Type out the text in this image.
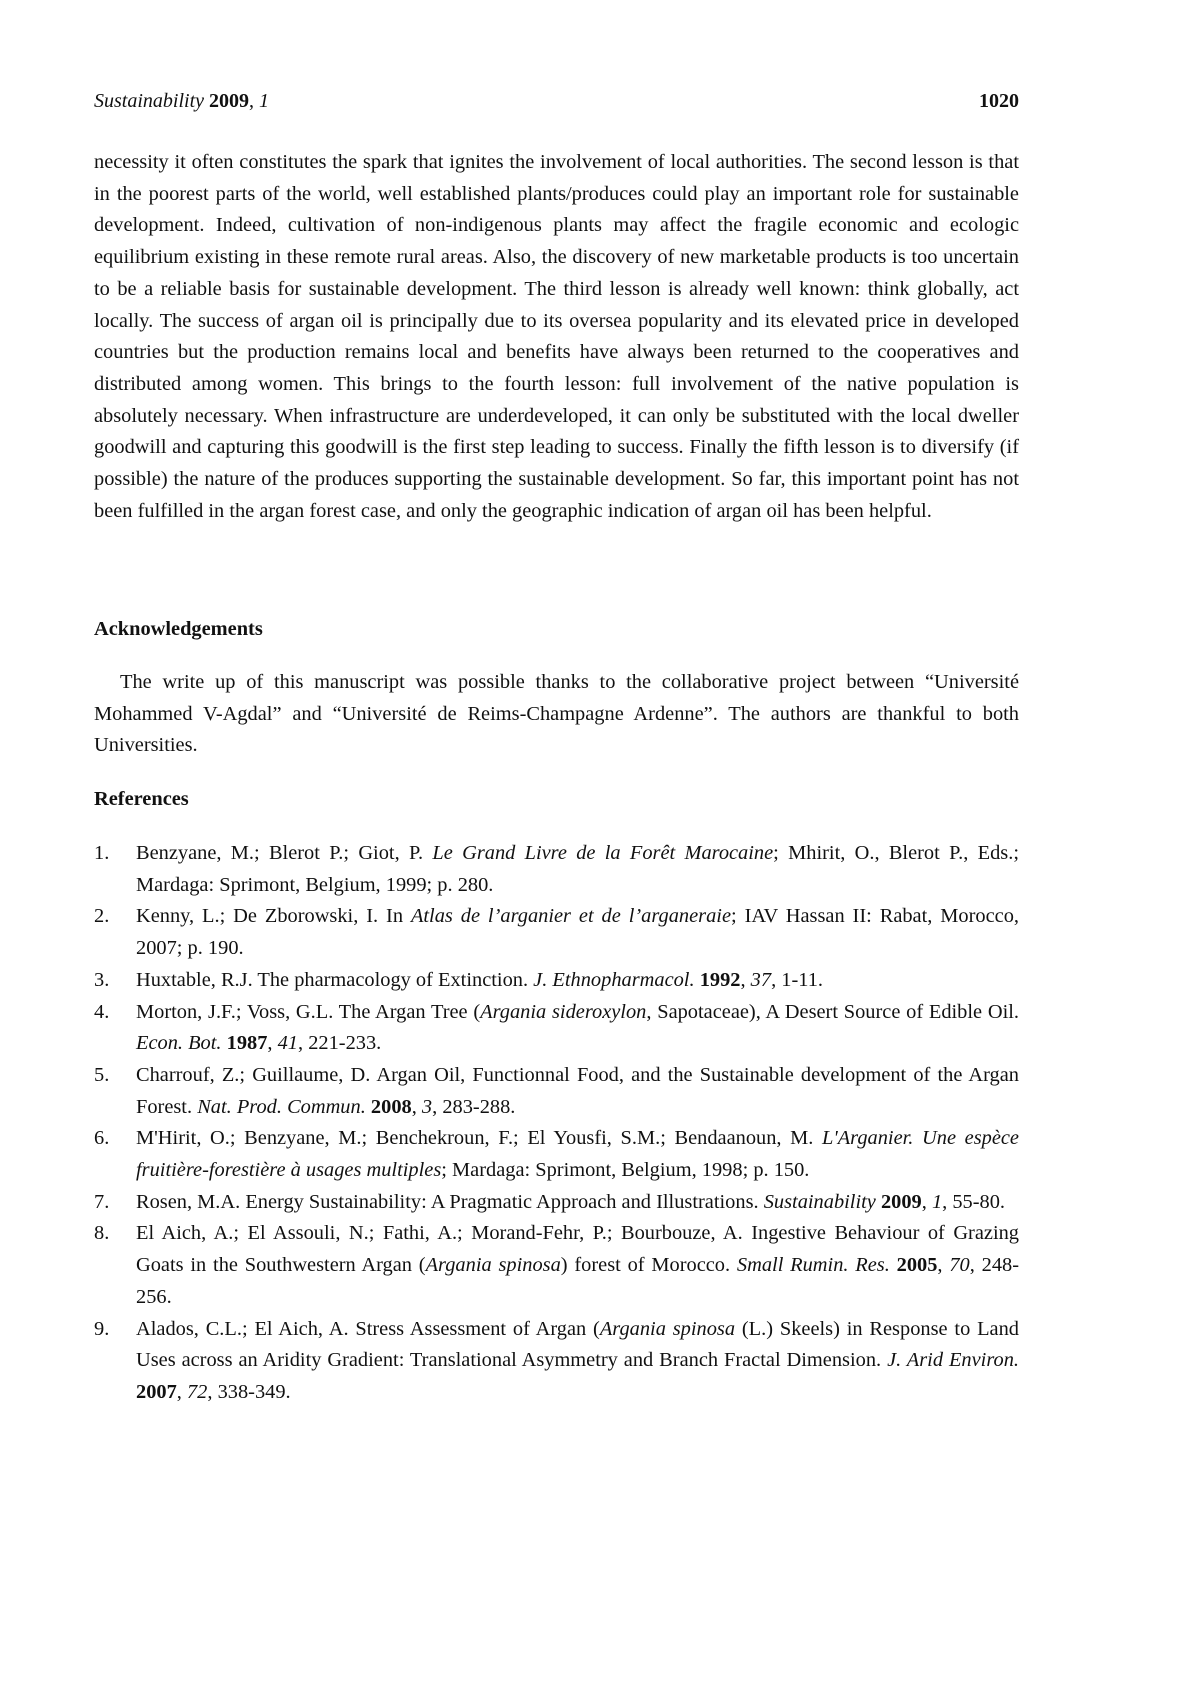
Sustainability 2009, 1	1020
necessity it often constitutes the spark that ignites the involvement of local authorities. The second lesson is that in the poorest parts of the world, well established plants/produces could play an important role for sustainable development. Indeed, cultivation of non-indigenous plants may affect the fragile economic and ecologic equilibrium existing in these remote rural areas. Also, the discovery of new marketable products is too uncertain to be a reliable basis for sustainable development. The third lesson is already well known: think globally, act locally. The success of argan oil is principally due to its oversea popularity and its elevated price in developed countries but the production remains local and benefits have always been returned to the cooperatives and distributed among women. This brings to the fourth lesson: full involvement of the native population is absolutely necessary. When infrastructure are underdeveloped, it can only be substituted with the local dweller goodwill and capturing this goodwill is the first step leading to success. Finally the fifth lesson is to diversify (if possible) the nature of the produces supporting the sustainable development. So far, this important point has not been fulfilled in the argan forest case, and only the geographic indication of argan oil has been helpful.
Acknowledgements
The write up of this manuscript was possible thanks to the collaborative project between “Université Mohammed V-Agdal” and “Université de Reims-Champagne Ardenne”. The authors are thankful to both Universities.
References
1. Benzyane, M.; Blerot P.; Giot, P. Le Grand Livre de la Forêt Marocaine; Mhirit, O., Blerot P., Eds.; Mardaga: Sprimont, Belgium, 1999; p. 280.
2. Kenny, L.; De Zborowski, I. In Atlas de l’arganier et de l’arganeraie; IAV Hassan II: Rabat, Morocco, 2007; p. 190.
3. Huxtable, R.J. The pharmacology of Extinction. J. Ethnopharmacol. 1992, 37, 1-11.
4. Morton, J.F.; Voss, G.L. The Argan Tree (Argania sideroxylon, Sapotaceae), A Desert Source of Edible Oil. Econ. Bot. 1987, 41, 221-233.
5. Charrouf, Z.; Guillaume, D. Argan Oil, Functionnal Food, and the Sustainable development of the Argan Forest. Nat. Prod. Commun. 2008, 3, 283-288.
6. M'Hirit, O.; Benzyane, M.; Benchekroun, F.; El Yousfi, S.M.; Bendaanoun, M. L'Arganier. Une espèce fruitière-forestière à usages multiples; Mardaga: Sprimont, Belgium, 1998; p. 150.
7. Rosen, M.A. Energy Sustainability: A Pragmatic Approach and Illustrations. Sustainability 2009, 1, 55-80.
8. El Aich, A.; El Assouli, N.; Fathi, A.; Morand-Fehr, P.; Bourbouze, A. Ingestive Behaviour of Grazing Goats in the Southwestern Argan (Argania spinosa) forest of Morocco. Small Rumin. Res. 2005, 70, 248-256.
9. Alados, C.L.; El Aich, A. Stress Assessment of Argan (Argania spinosa (L.) Skeels) in Response to Land Uses across an Aridity Gradient: Translational Asymmetry and Branch Fractal Dimension. J. Arid Environ. 2007, 72, 338-349.
